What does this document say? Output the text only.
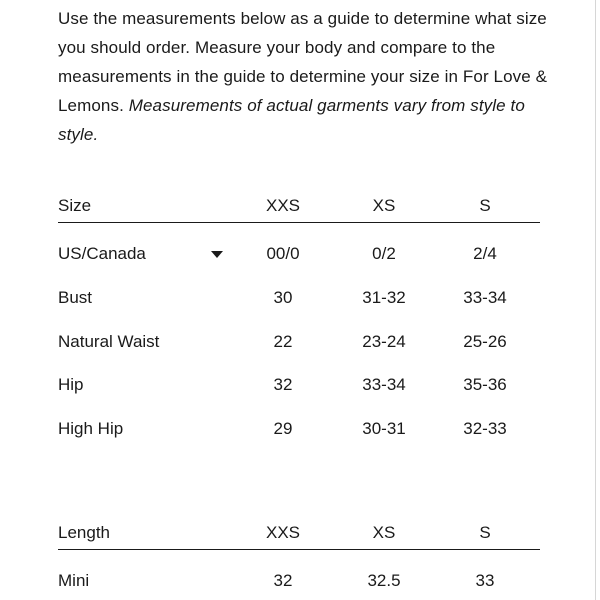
Use the measurements below as a guide to determine what size you should order. Measure your body and compare to the measurements in the guide to determine your size in For Love & Lemons. Measurements of actual garments vary from style to style.

Size	XXS	XS	S
US/Canada	00/0	0/2	2/4
Bust	30	31-32	33-34
Natural Waist	22	23-24	25-26
Hip	32	33-34	35-36
High Hip	29	30-31	32-33
Length	XXS	XS	S
Mini	32	32.5	33
